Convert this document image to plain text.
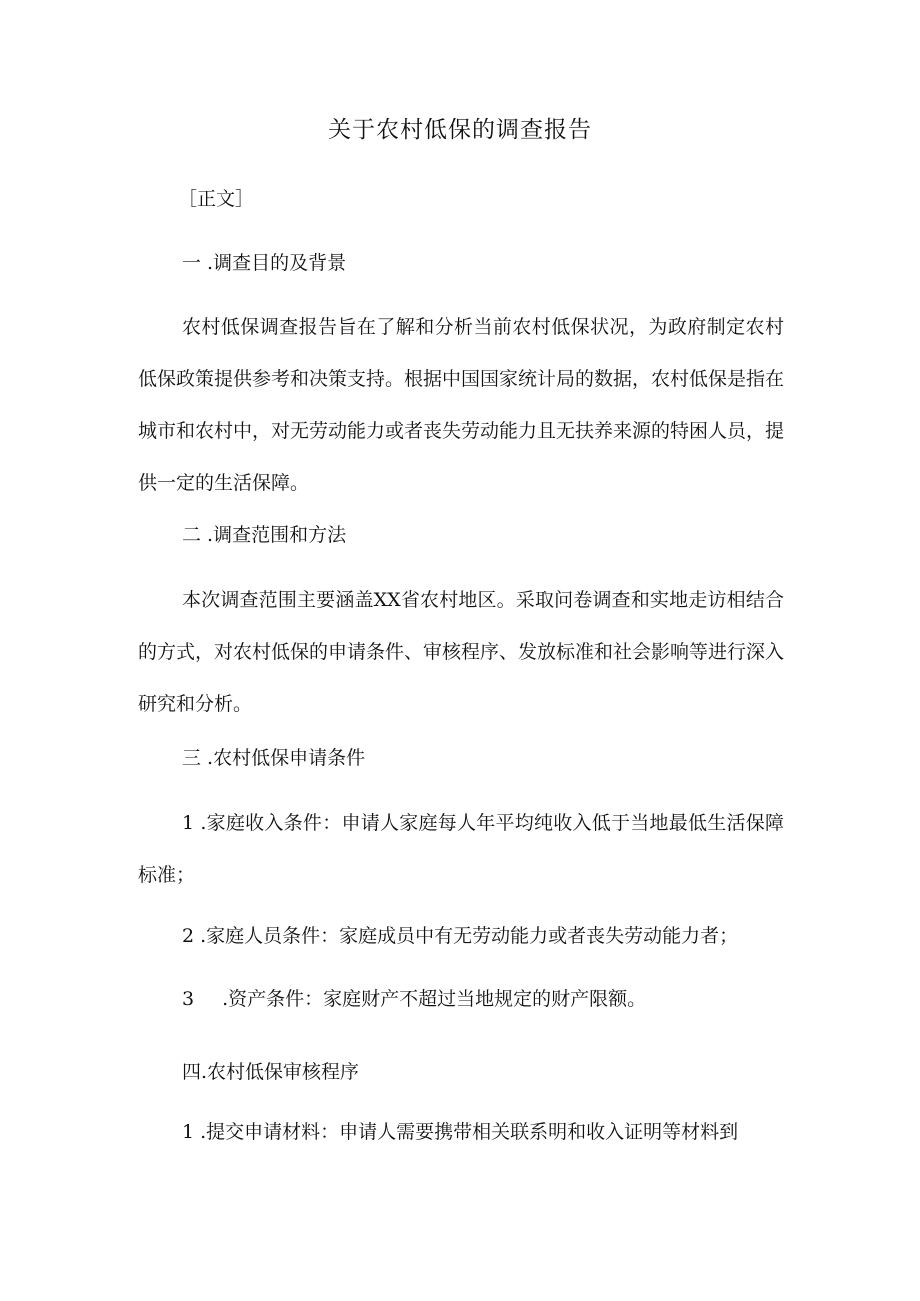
关于农村低保的调查报告
［正文］
一 .调查目的及背景
农村低保调查报告旨在了解和分析当前农村低保状况，为政府制定农村低保政策提供参考和决策支持。根据中国国家统计局的数据，农村低保是指在城市和农村中，对无劳动能力或者丧失劳动能力且无扶养来源的特困人员，提供一定的生活保障。
二 .调查范围和方法
本次调查范围主要涵盖XX省农村地区。采取问卷调查和实地走访相结合的方式，对农村低保的申请条件、审核程序、发放标准和社会影响等进行深入研究和分析。
三 .农村低保申请条件
1 .家庭收入条件：申请人家庭每人年平均纯收入低于当地最低生活保障标准；
2 .家庭人员条件：家庭成员中有无劳动能力或者丧失劳动能力者；
3 .资产条件：家庭财产不超过当地规定的财产限额。
四.农村低保审核程序
1 .提交申请材料：申请人需要携带相关联系明和收入证明等材料到
